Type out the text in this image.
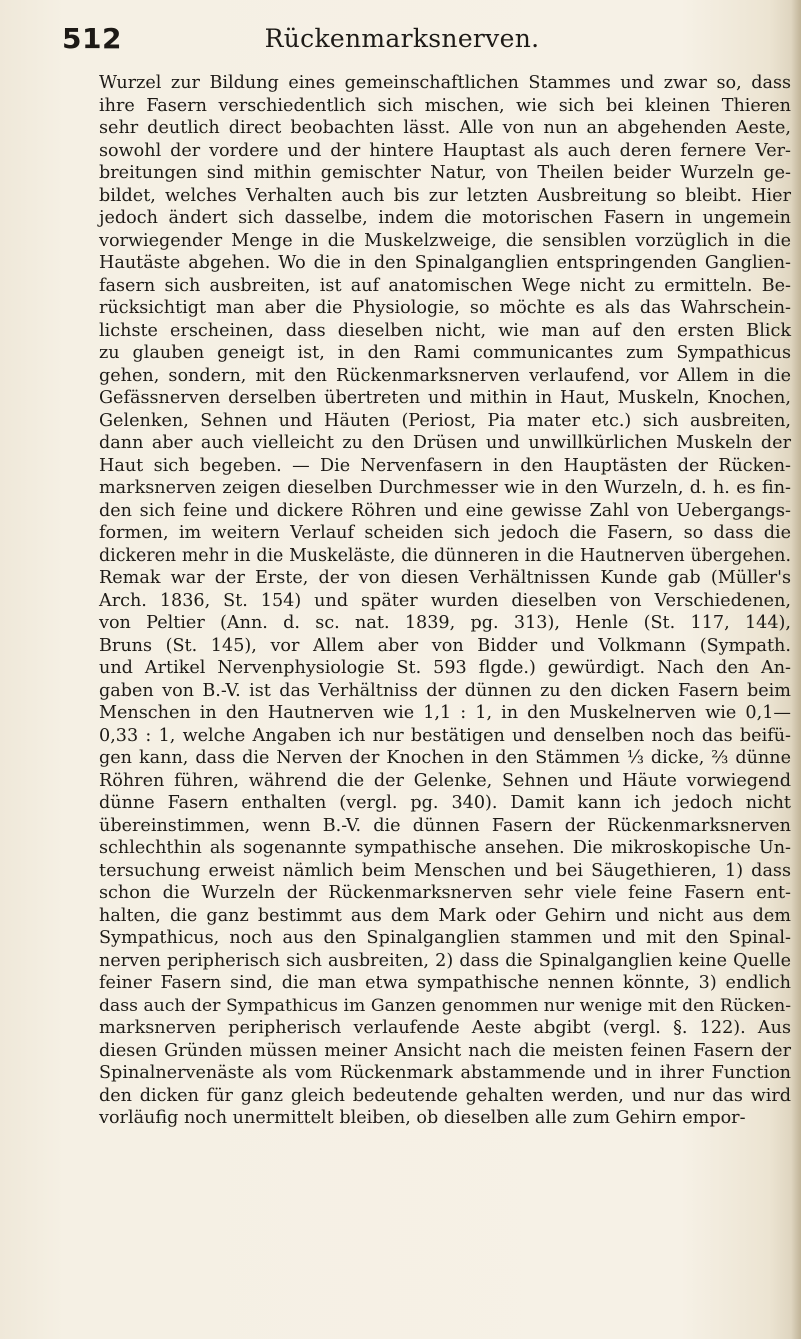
512	Rückenmarksnerven.
Wurzel zur Bildung eines gemeinschaftlichen Stammes und zwar so, dass
ihre Fasern verschiedentlich sich mischen, wie sich bei kleinen Thieren
sehr deutlich direct beobachten lässt. Alle von nun an abgehenden Aeste,
sowohl der vordere und der hintere Hauptast als auch deren fernere Ver-
breitungen sind mithin gemischter Natur, von Theilen beider Wurzeln ge-
bildet, welches Verhalten auch bis zur letzten Ausbreitung so bleibt. Hier
jedoch ändert sich dasselbe, indem die motorischen Fasern in ungemein
vorwiegender Menge in die Muskelzweige, die sensiblen vorzüglich in die
Hautäste abgehen. Wo die in den Spinalganglien entspringenden Ganglien-
fasern sich ausbreiten, ist auf anatomischen Wege nicht zu ermitteln. Be-
rücksichtigt man aber die Physiologie, so möchte es als das Wahrschein-
lichste erscheinen, dass dieselben nicht, wie man auf den ersten Blick
zu glauben geneigt ist, in den Rami communicantes zum Sympathicus
gehen, sondern, mit den Rückenmarksnerven verlaufend, vor Allem in die
Gefässnerven derselben übertreten und mithin in Haut, Muskeln, Knochen,
Gelenken, Sehnen und Häuten (Periost, Pia mater etc.) sich ausbreiten,
dann aber auch vielleicht zu den Drüsen und unwillkürlichen Muskeln der
Haut sich begeben. — Die Nervenfasern in den Hauptästen der Rücken-
marksnerven zeigen dieselben Durchmesser wie in den Wurzeln, d. h. es fin-
den sich feine und dickere Röhren und eine gewisse Zahl von Uebergangs-
formen, im weitern Verlauf scheiden sich jedoch die Fasern, so dass die
dickeren mehr in die Muskeläste, die dünneren in die Hautnerven übergehen.
Remak war der Erste, der von diesen Verhältnissen Kunde gab (Müller's
Arch. 1836, St. 154) und später wurden dieselben von Verschiedenen,
von Peltier (Ann. d. sc. nat. 1839, pg. 313), Henle (St. 117, 144),
Bruns (St. 145), vor Allem aber von Bidder und Volkmann (Sympath.
und Artikel Nervenphysiologie St. 593 flgde.) gewürdigt. Nach den An-
gaben von B.-V. ist das Verhältniss der dünnen zu den dicken Fasern beim
Menschen in den Hautnerven wie 1,1 : 1, in den Muskelnerven wie 0,1—
0,33 : 1, welche Angaben ich nur bestätigen und denselben noch das beifü-
gen kann, dass die Nerven der Knochen in den Stämmen ⅓ dicke, ⅔ dünne
Röhren führen, während die der Gelenke, Sehnen und Häute vorwiegend
dünne Fasern enthalten (vergl. pg. 340). Damit kann ich jedoch nicht
übereinstimmen, wenn B.-V. die dünnen Fasern der Rückenmarksnerven
schlechthin als sogenannte sympathische ansehen. Die mikroskopische Un-
tersuchung erweist nämlich beim Menschen und bei Säugethieren, 1) dass
schon die Wurzeln der Rückenmarksnerven sehr viele feine Fasern ent-
halten, die ganz bestimmt aus dem Mark oder Gehirn und nicht aus dem
Sympathicus, noch aus den Spinalganglien stammen und mit den Spinal-
nerven peripherisch sich ausbreiten, 2) dass die Spinalganglien keine Quelle
feiner Fasern sind, die man etwa sympathische nennen könnte, 3) endlich
dass auch der Sympathicus im Ganzen genommen nur wenige mit den Rücken-
marksnerven peripherisch verlaufende Aeste abgibt (vergl. §. 122). Aus
diesen Gründen müssen meiner Ansicht nach die meisten feinen Fasern der
Spinalnervenäste als vom Rückenmark abstammende und in ihrer Function
den dicken für ganz gleich bedeutende gehalten werden, und nur das wird
vorläufig noch unermittelt bleiben, ob dieselben alle zum Gehirn empor-
